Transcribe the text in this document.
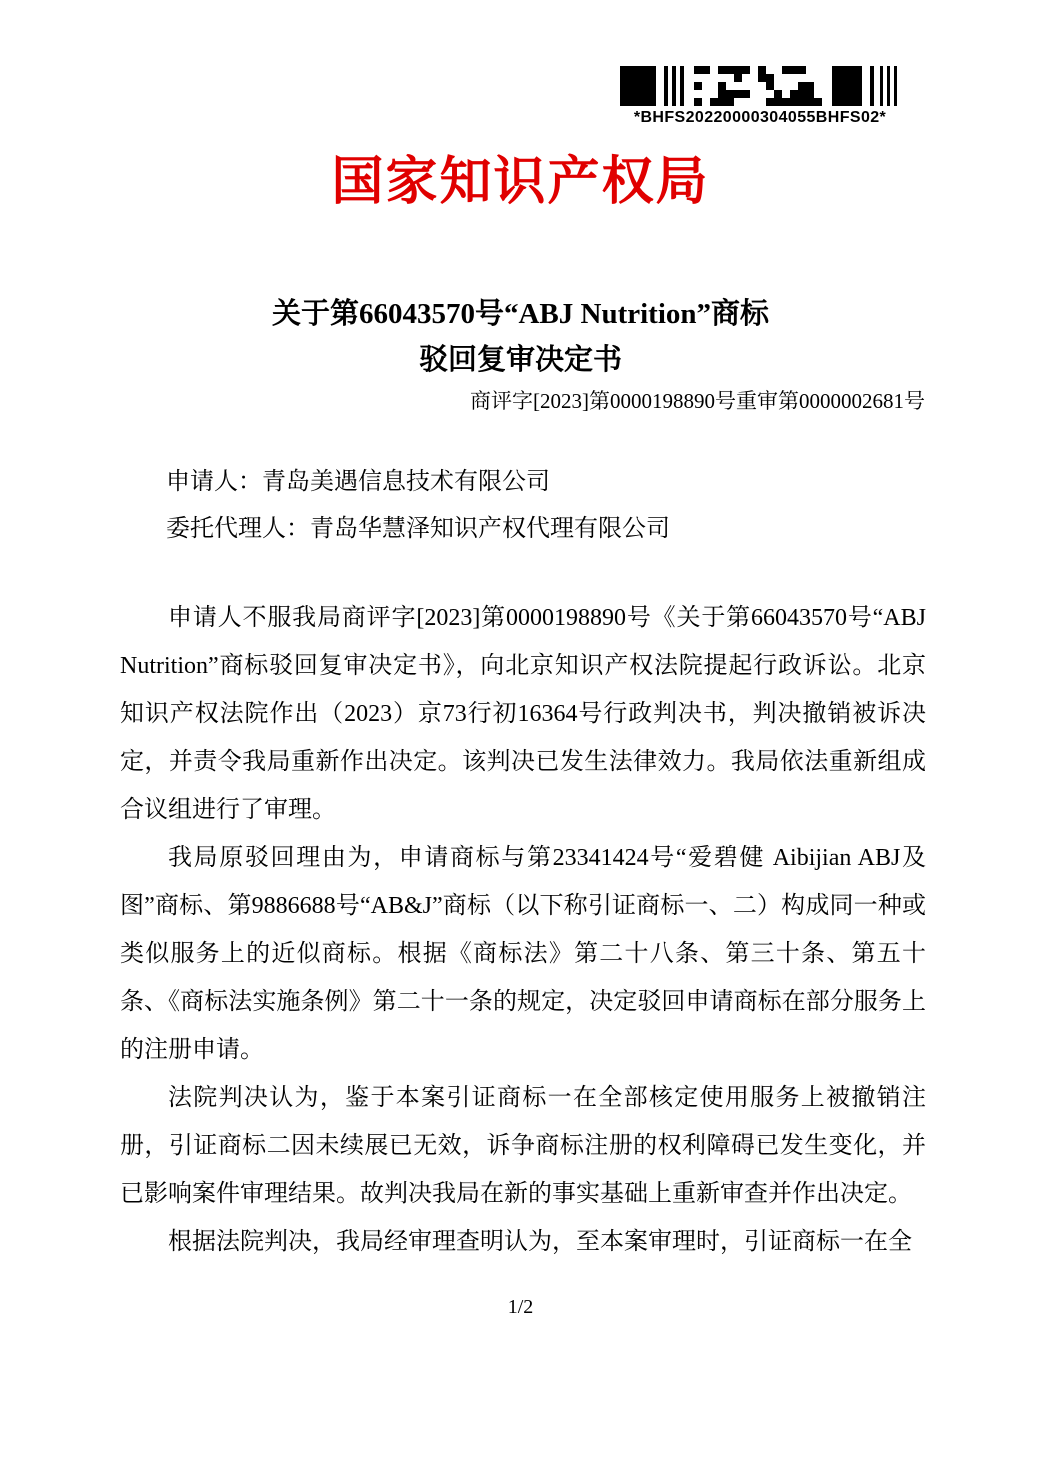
*BHFS20220000304055BHFS02*
国家知识产权局
关于第66043570号“ABJ Nutrition”商标
驳回复审决定书
商评字[2023]第0000198890号重审第0000002681号
申请人：青岛美遇信息技术有限公司
委托代理人：青岛华慧泽知识产权代理有限公司

申请人不服我局商评字[2023]第0000198890号《关于第66043570号“ABJ Nutrition”商标驳回复审决定书》，向北京知识产权法院提起行政诉讼。北京知识产权法院作出（2023）京73行初16364号行政判决书，判决撤销被诉决定，并责令我局重新作出决定。该判决已发生法律效力。我局依法重新组成合议组进行了审理。

我局原驳回理由为，申请商标与第23341424号“爱碧健 Aibijian ABJ及图”商标、第9886688号“AB&J”商标（以下称引证商标一、二）构成同一种或类似服务上的近似商标。根据《商标法》第二十八条、第三十条、第五十条、《商标法实施条例》第二十一条的规定，决定驳回申请商标在部分服务上的注册申请。

法院判决认为，鉴于本案引证商标一在全部核定使用服务上被撤销注册，引证商标二因未续展已无效，诉争商标注册的权利障碍已发生变化，并已影响案件审理结果。故判决我局在新的事实基础上重新审查并作出决定。

根据法院判决，我局经审理查明认为，至本案审理时，引证商标一在全

1/2
